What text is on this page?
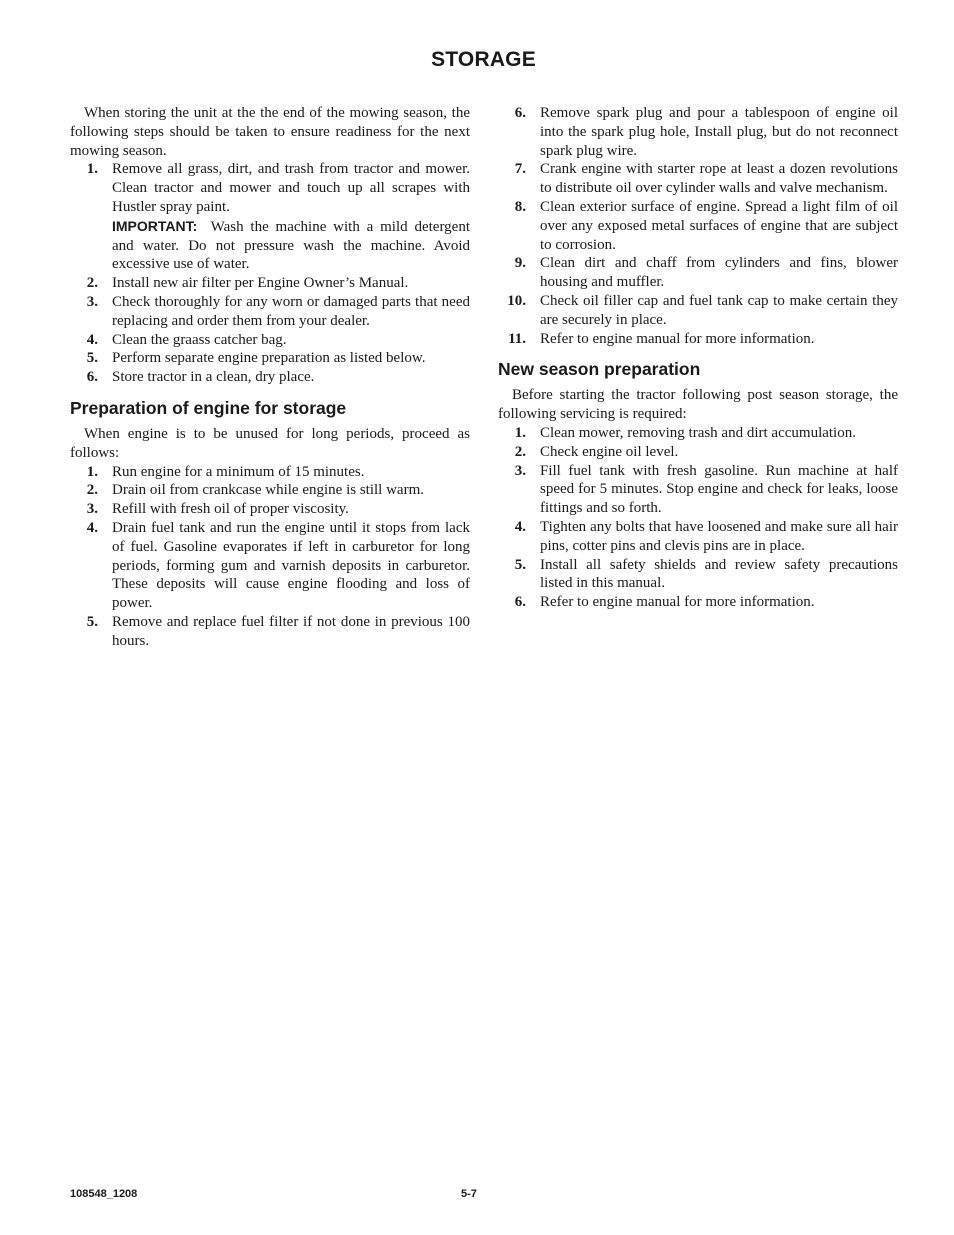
STORAGE

When storing the unit at the the end of the mowing season, the following steps should be taken to ensure readiness for the next mowing season.

1. Remove all grass, dirt, and trash from tractor and mower. Clean tractor and mower and touch up all scrapes with Hustler spray paint.
IMPORTANT: Wash the machine with a mild detergent and water. Do not pressure wash the machine. Avoid excessive use of water.
2. Install new air filter per Engine Owner’s Manual.
3. Check thoroughly for any worn or damaged parts that need replacing and order them from your dealer.
4. Clean the graass catcher bag.
5. Perform separate engine preparation as listed below.
6. Store tractor in a clean, dry place.
Preparation of engine for storage

When engine is to be unused for long periods, proceed as follows:

1. Run engine for a minimum of 15 minutes.
2. Drain oil from crankcase while engine is still warm.
3. Refill with fresh oil of proper viscosity.
4. Drain fuel tank and run the engine until it stops from lack of fuel. Gasoline evaporates if left in carburetor for long periods, forming gum and varnish deposits in carburetor. These deposits will cause engine flooding and loss of power.
5. Remove and replace fuel filter if not done in previous 100 hours.
6. Remove spark plug and pour a tablespoon of engine oil into the spark plug hole, Install plug, but do not reconnect spark plug wire.
7. Crank engine with starter rope at least a dozen revolutions to distribute oil over cylinder walls and valve mechanism.
8. Clean exterior surface of engine. Spread a light film of oil over any exposed metal surfaces of engine that are subject to corrosion.
9. Clean dirt and chaff from cylinders and fins, blower housing and muffler.
10. Check oil filler cap and fuel tank cap to make certain they are securely in place.
11. Refer to engine manual for more information.
New season preparation

Before starting the tractor following post season storage, the following servicing is required:

1. Clean mower, removing trash and dirt accumulation.
2. Check engine oil level.
3. Fill fuel tank with fresh gasoline. Run machine at half speed for 5 minutes. Stop engine and check for leaks, loose fittings and so forth.
4. Tighten any bolts that have loosened and make sure all hair pins, cotter pins and clevis pins are in place.
5. Install all safety shields and review safety precautions listed in this manual.
6. Refer to engine manual for more information.
108548_1208	5-7
